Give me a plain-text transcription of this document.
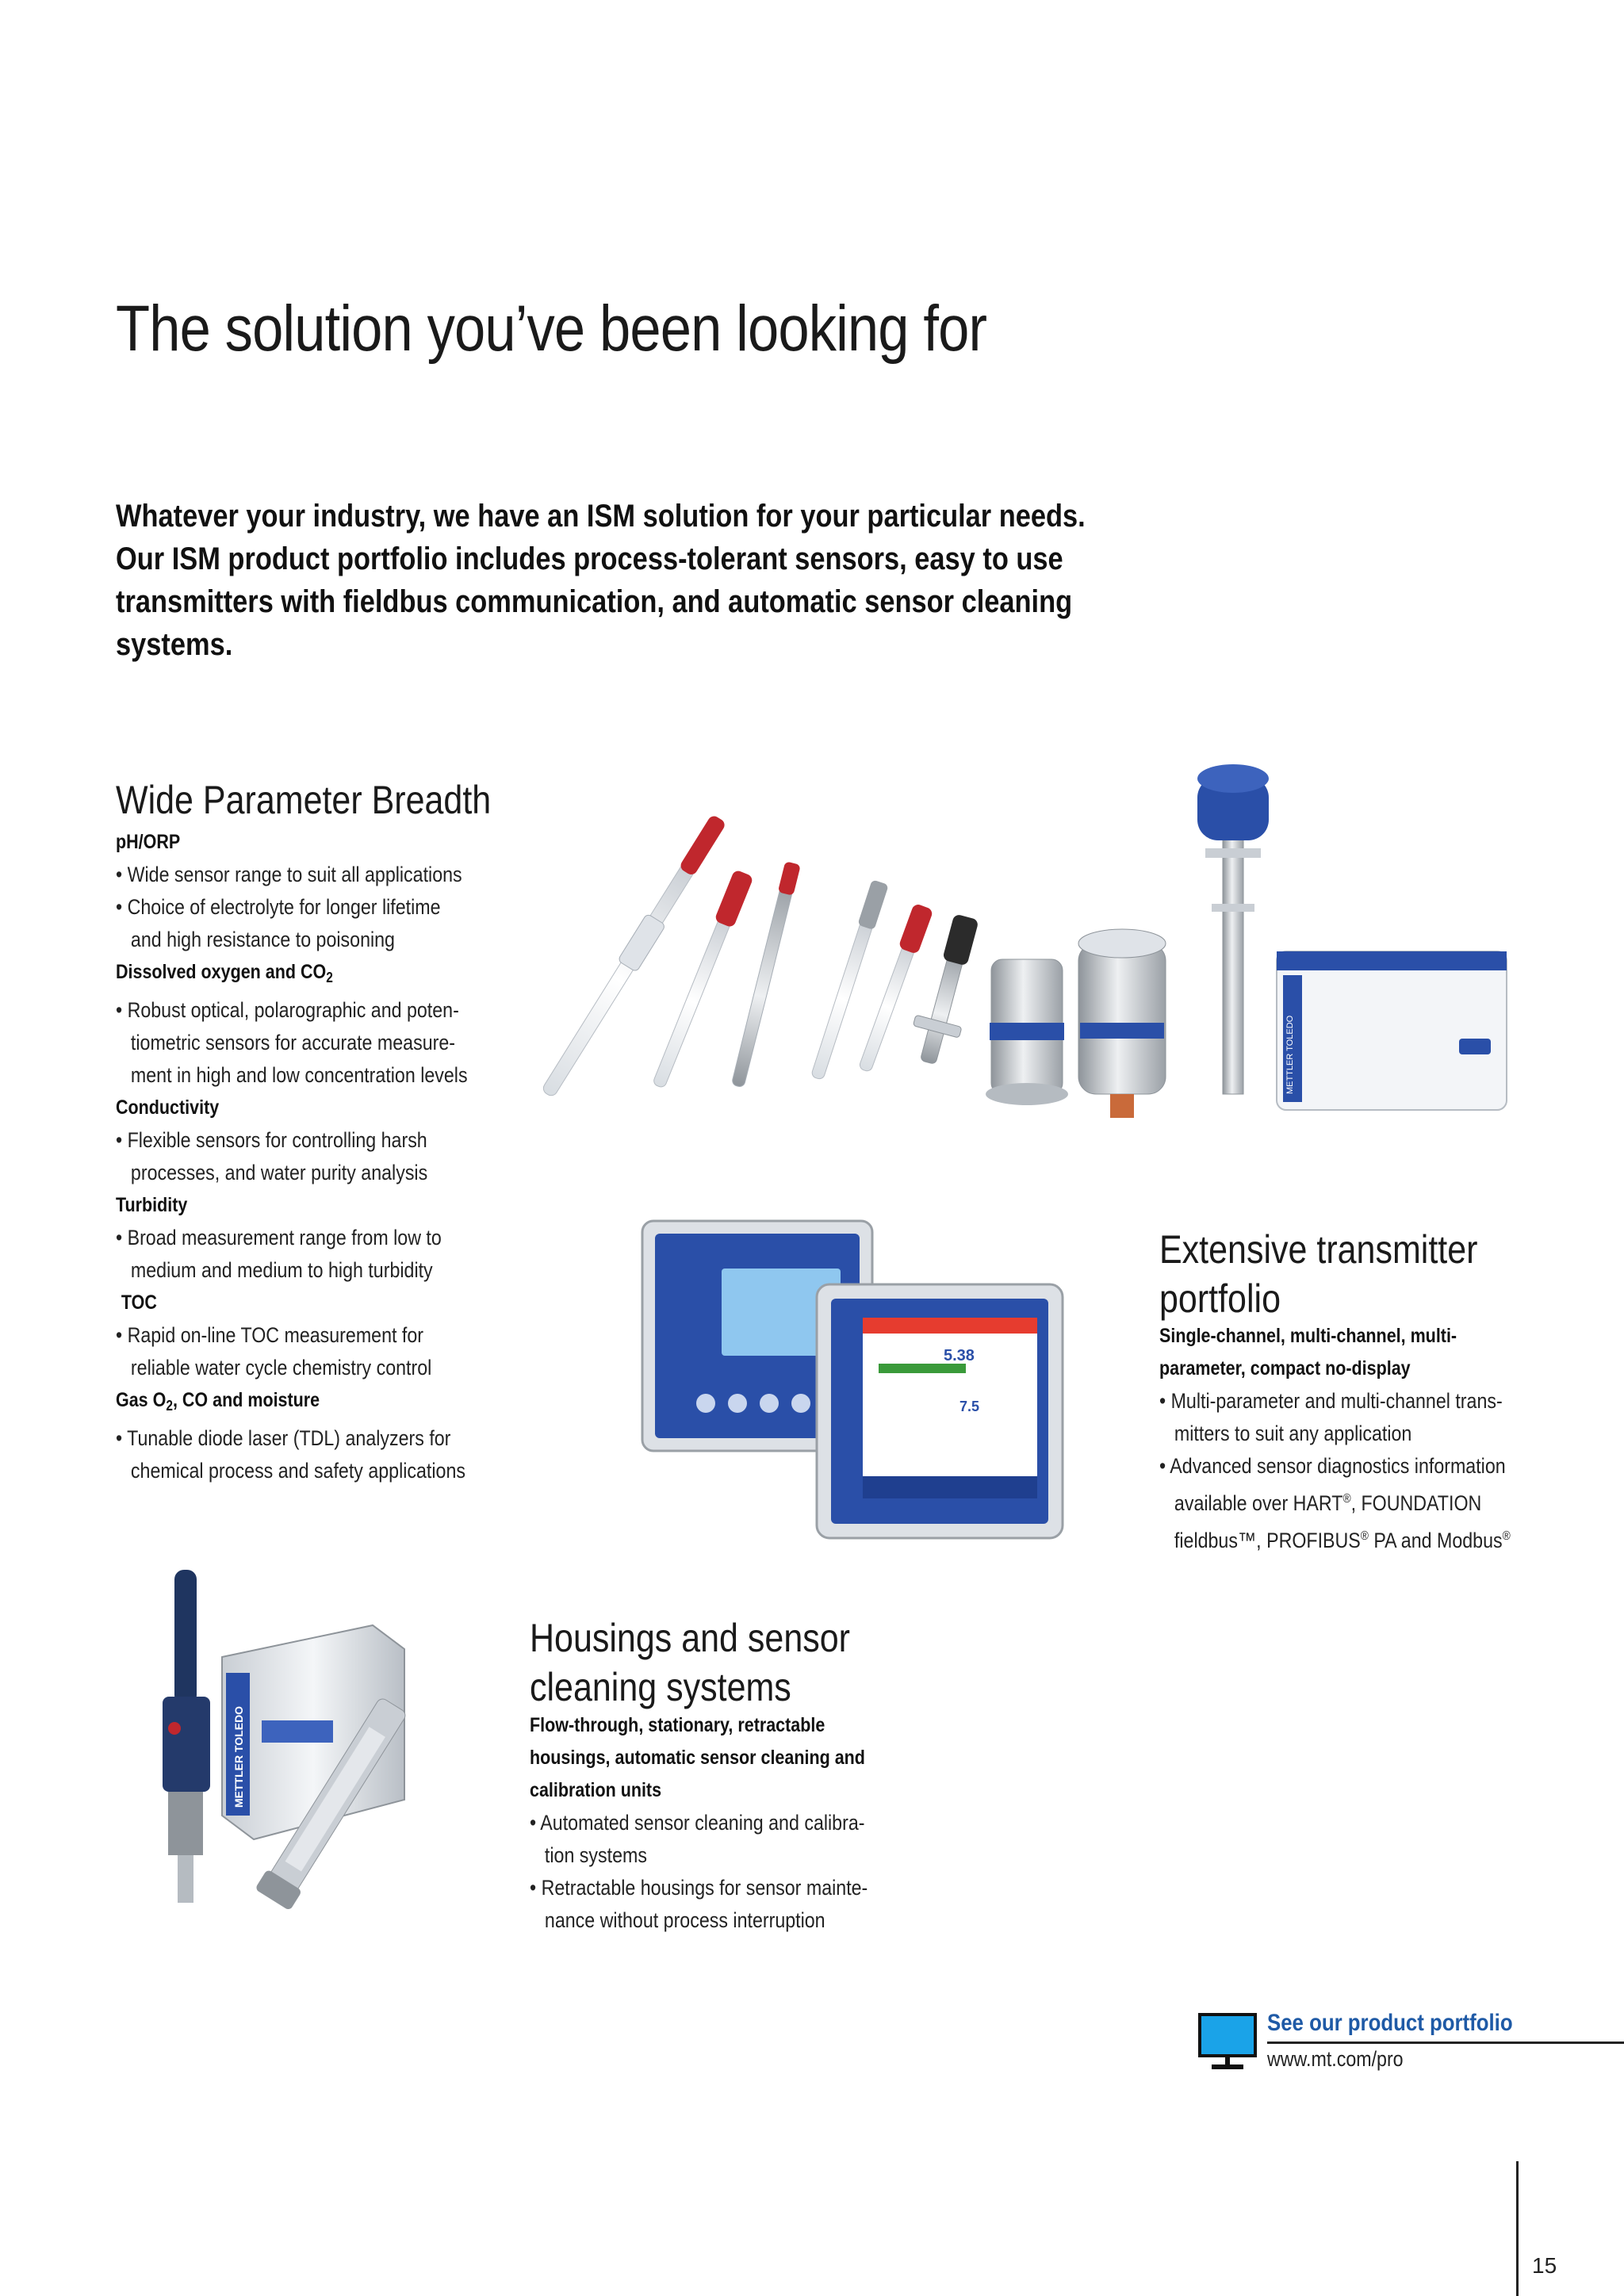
The solution you’ve been looking for
Whatever your industry, we have an ISM solution for your particular needs.
Our ISM product portfolio includes process-tolerant sensors, easy to use
transmitters with fieldbus communication, and automatic sensor cleaning
systems.
Wide Parameter Breadth
pH/ORP
• Wide sensor range to suit all applications
• Choice of electrolyte for longer lifetime
and high resistance to poisoning
Dissolved oxygen and $CO_2$
• Robust optical, polarographic and poten-
tiometric sensors for accurate measure-
ment in high and low concentration levels
Conductivity
• Flexible sensors for controlling harsh
processes, and water purity analysis
Turbidity
• Broad measurement range from low to
medium and medium to high turbidity
TOC
• Rapid on-line TOC measurement for
reliable water cycle chemistry control
Gas $O_2$, CO and moisture
• Tunable diode laser (TDL) analyzers for
chemical process and safety applications
METTLER TOLEDO
5.38
7.5
Extensive transmitter
portfolio
Single-channel, multi-channel, multi-
parameter, compact no-display
• Multi-parameter and multi-channel trans-
mitters to suit any application
• Advanced sensor diagnostics information
available over HART®, FOUNDATION
fieldbus™, PROFIBUS® PA and Modbus®
METTLER TOLEDO
Housings and sensor
cleaning systems
Flow-through, stationary, retractable
housings, automatic sensor cleaning and
calibration units
• Automated sensor cleaning and calibra-
tion systems
• Retractable housings for sensor mainte-
nance without process interruption
See our product portfolio
www.mt.com/pro
15
